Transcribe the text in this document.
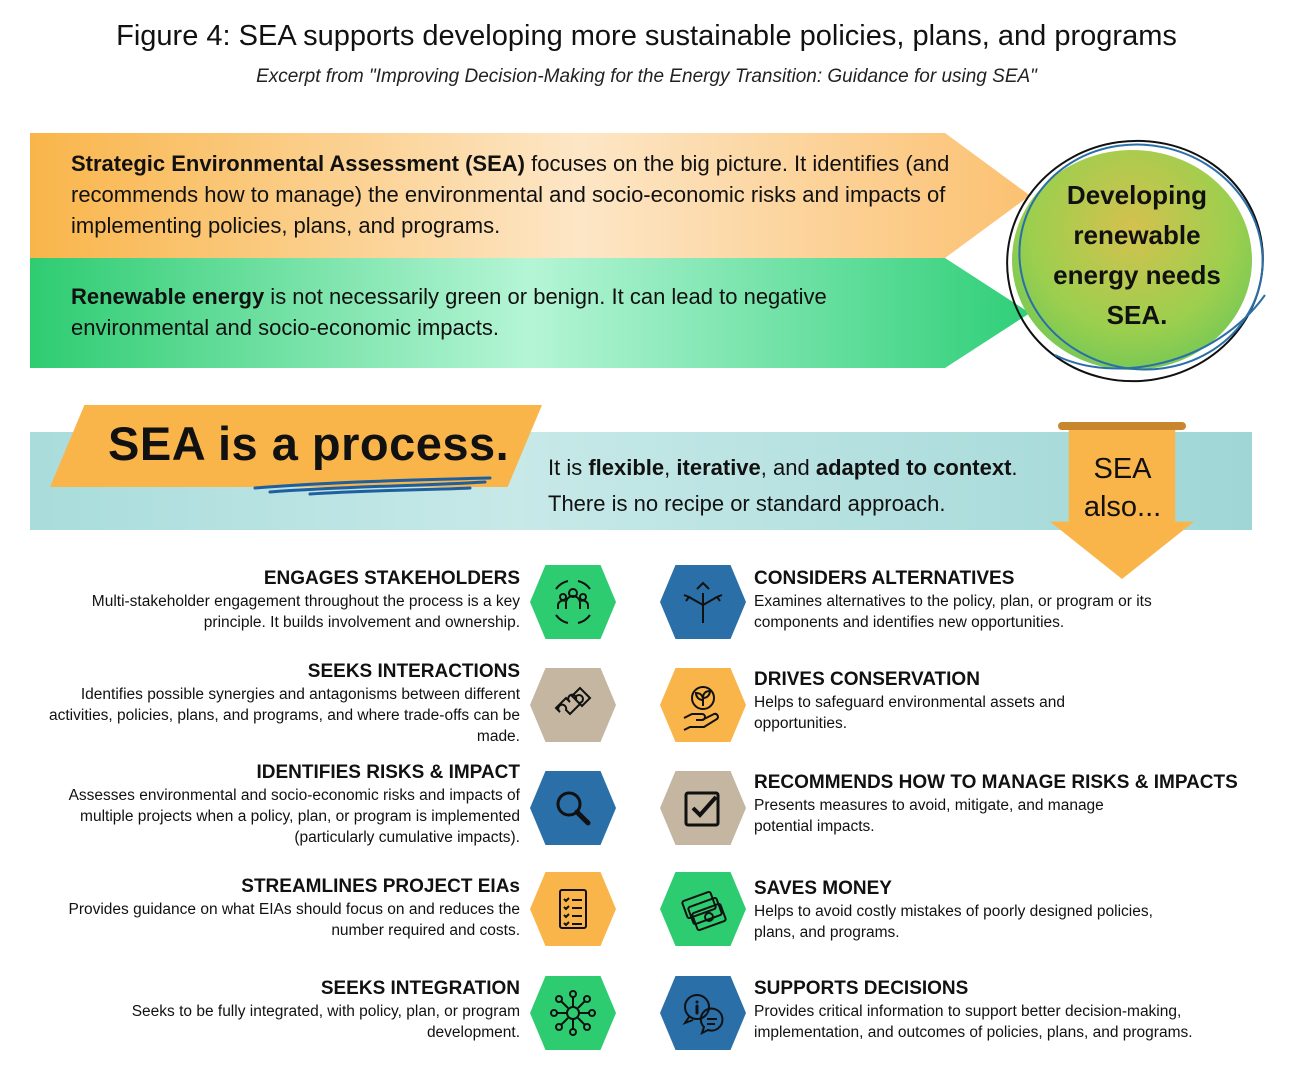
Figure 4: SEA supports developing more sustainable policies, plans, and programs
Excerpt from "Improving Decision-Making for the Energy Transition: Guidance for using SEA"
Strategic Environmental Assessment (SEA) focuses on the big picture. It identifies (and recommends how to manage) the environmental and socio-economic risks and impacts of implementing policies, plans, and programs.
Renewable energy is not necessarily green or benign. It can lead to negative environmental and socio-economic impacts.
Developing
renewable
energy needs
SEA.
SEA is a process. It is flexible, iterative, and adapted to context.
There is no recipe or standard approach.
SEA
also...
ENGAGES STAKEHOLDERS

Multi-stakeholder engagement throughout the process is a key principle. It builds involvement and ownership.

SEEKS INTERACTIONS

Identifies possible synergies and antagonisms between different activities, policies, plans, and programs, and where trade-offs can be made.

IDENTIFIES RISKS & IMPACT

Assesses environmental and socio-economic risks and impacts of multiple projects when a policy, plan, or program is implemented (particularly cumulative impacts).

STREAMLINES PROJECT EIAs

Provides guidance on what EIAs should focus on and reduces the number required and costs.

SEEKS INTEGRATION

Seeks to be fully integrated, with policy, plan, or program development.

CONSIDERS ALTERNATIVES

Examines alternatives to the policy, plan, or program or its components and identifies new opportunities.

DRIVES CONSERVATION

Helps to safeguard environmental assets and opportunities.

RECOMMENDS HOW TO MANAGE RISKS & IMPACTS

Presents measures to avoid, mitigate, and manage potential impacts.

SAVES MONEY

Helps to avoid costly mistakes of poorly designed policies, plans, and programs.

SUPPORTS DECISIONS

Provides critical information to support better decision-making, implementation, and outcomes of policies, plans, and programs.
